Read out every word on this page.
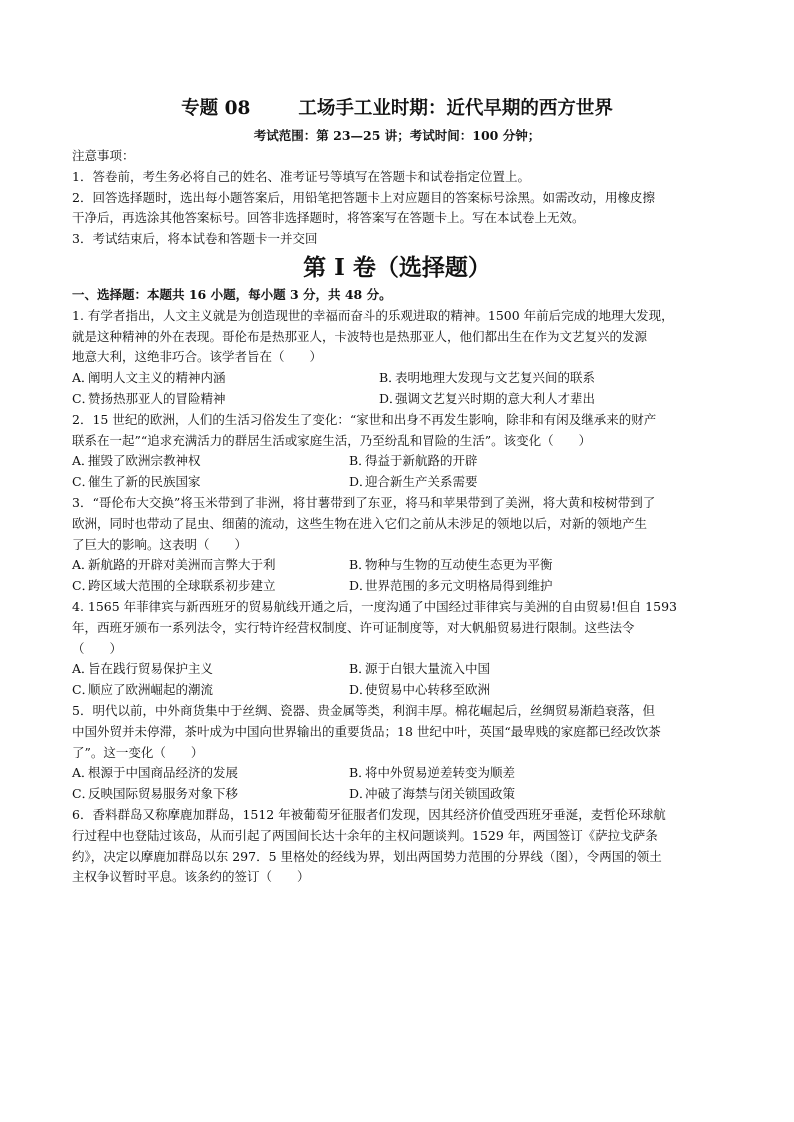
专题 08	工场手工业时期：近代早期的西方世界
考试范围：第 23—25 讲；考试时间：100 分钟；
注意事项：
1．答卷前，考生务必将自己的姓名、准考证号等填写在答题卡和试卷指定位置上。
2．回答选择题时，选出每小题答案后，用铅笔把答题卡上对应题目的答案标号涂黑。如需改动，用橡皮擦
干净后，再选涂其他答案标号。回答非选择题时，将答案写在答题卡上。写在本试卷上无效。
3．考试结束后，将本试卷和答题卡一并交回
第 I 卷（选择题）
一、选择题：本题共 16 小题，每小题 3 分，共 48 分。

1. 有学者指出，人文主义就是为创造现世的幸福而奋斗的乐观进取的精神。1500 年前后完成的地理大发现，

就是这种精神的外在表现。哥伦布是热那亚人，卡波特也是热那亚人，他们都出生在作为文艺复兴的发源

地意大利，这绝非巧合。该学者旨在（　　）

A．阐明人文主义的精神内涵	B．表明地理大发现与文艺复兴间的联系
C．赞扬热那亚人的冒险精神	D．强调文艺复兴时期的意大利人才辈出

2．15 世纪的欧洲，人们的生活习俗发生了变化：“家世和出身不再发生影响，除非和有闲及继承来的财产

联系在一起”“追求充满活力的群居生活或家庭生活，乃至纷乱和冒险的生活”。该变化（　　）

A．摧毁了欧洲宗教神权	B．得益于新航路的开辟
C．催生了新的民族国家	D．迎合新生产关系需要

3．“哥伦布大交换”将玉米带到了非洲，将甘薯带到了东亚，将马和苹果带到了美洲，将大黄和桉树带到了

欧洲，同时也带动了昆虫、细菌的流动，这些生物在进入它们之前从未涉足的领地以后，对新的领地产生

了巨大的影响。这表明（　　）

A．新航路的开辟对美洲而言弊大于利	B．物种与生物的互动使生态更为平衡
C．跨区域大范围的全球联系初步建立	D．世界范围的多元文明格局得到维护

4. 1565 年菲律宾与新西班牙的贸易航线开通之后，一度沟通了中国经过菲律宾与美洲的自由贸易!但自 1593

年，西班牙颁布一系列法令，实行特许经营权制度、许可证制度等，对大帆船贸易进行限制。这些法令

（　　）

A．旨在践行贸易保护主义	B．源于白银大量流入中国
C．顺应了欧洲崛起的潮流	D．使贸易中心转移至欧洲

5．明代以前，中外商货集中于丝绸、瓷器、贵金属等类，利润丰厚。棉花崛起后，丝绸贸易渐趋衰落，但

中国外贸并未停滞，茶叶成为中国向世界输出的重要货品；18 世纪中叶，英国“最卑贱的家庭都已经改饮茶

了”。这一变化（　　）

A．根源于中国商品经济的发展	B．将中外贸易逆差转变为顺差
C．反映国际贸易服务对象下移	D．冲破了海禁与闭关锁国政策

6．香料群岛又称摩鹿加群岛，1512 年被葡萄牙征服者们发现，因其经济价值受西班牙垂涎，麦哲伦环球航

行过程中也登陆过该岛，从而引起了两国间长达十余年的主权问题谈判。1529 年，两国签订《萨拉戈萨条

约》，决定以摩鹿加群岛以东 297．5 里格处的经线为界，划出两国势力范围的分界线（图），令两国的领土

主权争议暂时平息。该条约的签订（　　）
